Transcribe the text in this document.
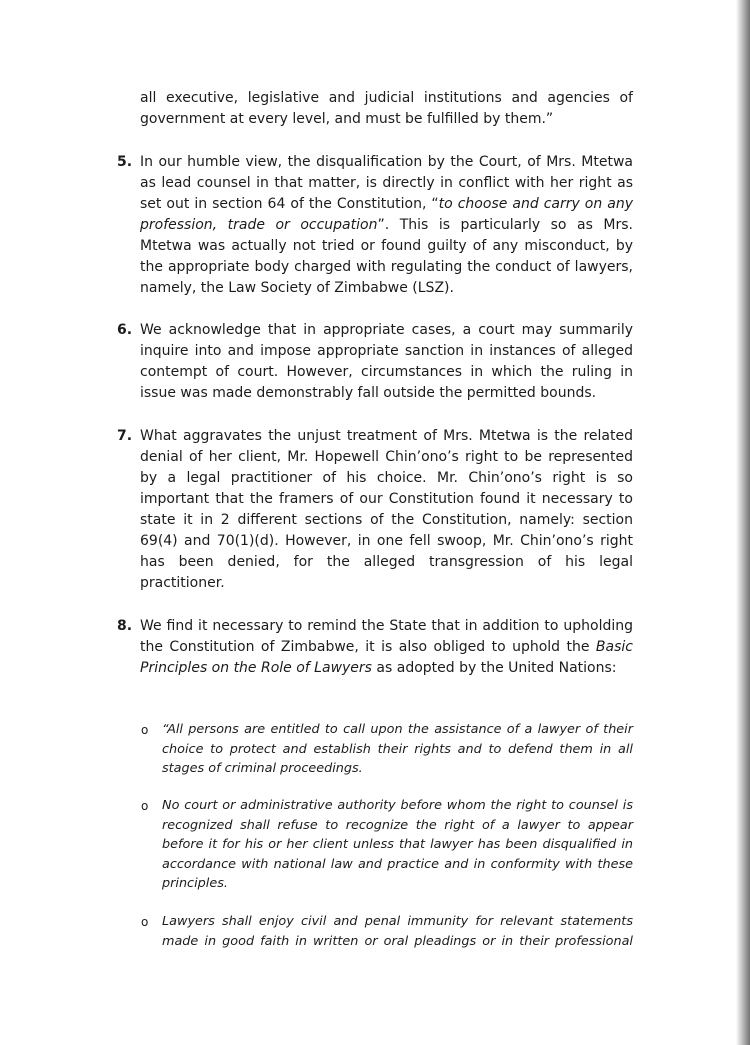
all executive, legislative and judicial institutions and agencies of government at every level, and must be fulfilled by them.”

5. In our humble view, the disqualification by the Court, of Mrs. Mtetwa as lead counsel in that matter, is directly in conflict with her right as set out in section 64 of the Constitution, “to choose and carry on any profession, trade or occupation”. This is particularly so as Mrs. Mtetwa was actually not tried or found guilty of any misconduct, by the appropriate body charged with regulating the conduct of lawyers, namely, the Law Society of Zimbabwe (LSZ).

6. We acknowledge that in appropriate cases, a court may summarily inquire into and impose appropriate sanction in instances of alleged contempt of court. However, circumstances in which the ruling in issue was made demonstrably fall outside the permitted bounds.

7. What aggravates the unjust treatment of Mrs. Mtetwa is the related denial of her client, Mr. Hopewell Chin’ono’s right to be represented by a legal practitioner of his choice. Mr. Chin’ono’s right is so important that the framers of our Constitution found it necessary to state it in 2 different sections of the Constitution, namely: section 69(4) and 70(1)(d). However, in one fell swoop, Mr. Chin’ono’s right has been denied, for the alleged transgression of his legal practitioner.

8. We find it necessary to remind the State that in addition to upholding the Constitution of Zimbabwe, it is also obliged to uphold the Basic Principles on the Role of Lawyers as adopted by the United Nations:

o “All persons are entitled to call upon the assistance of a lawyer of their choice to protect and establish their rights and to defend them in all stages of criminal proceedings.

o No court or administrative authority before whom the right to counsel is recognized shall refuse to recognize the right of a lawyer to appear before it for his or her client unless that lawyer has been disqualified in accordance with national law and practice and in conformity with these principles.

o Lawyers shall enjoy civil and penal immunity for relevant statements made in good faith in written or oral pleadings or in their professional
